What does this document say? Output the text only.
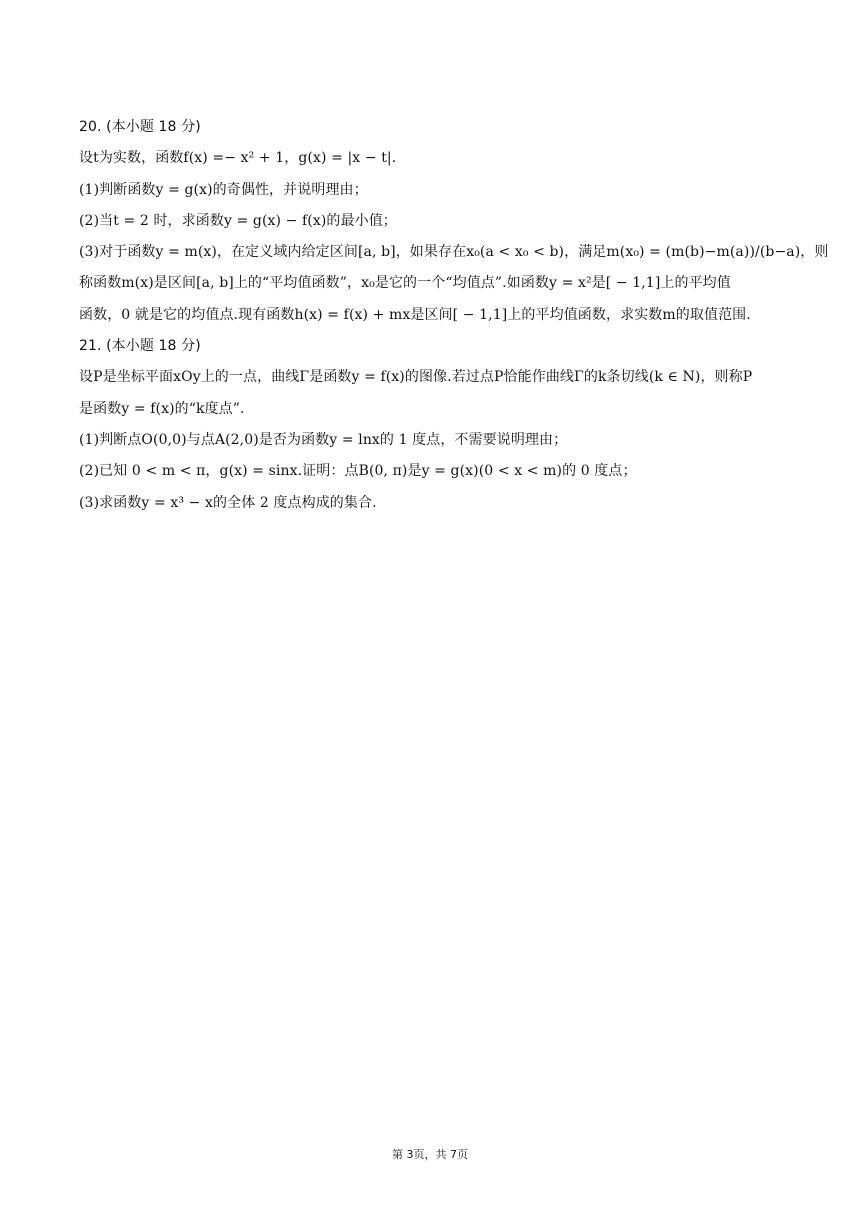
20. (本小题 18 分)
设t为实数，函数f(x) =− x² + 1，g(x) = |x − t|.
(1)判断函数y = g(x)的奇偶性，并说明理由；
(2)当t = 2 时，求函数y = g(x) − f(x)的最小值；
(3)对于函数y = m(x)，在定义域内给定区间[a, b]，如果存在x₀(a < x₀ < b)，满足m(x₀) = (m(b)−m(a))/(b−a)，则
称函数m(x)是区间[a, b]上的“平均值函数”，x₀是它的一个“均值点”.如函数y = x²是[ − 1,1]上的平均值
函数，0 就是它的均值点.现有函数h(x) = f(x) + mx是区间[ − 1,1]上的平均值函数，求实数m的取值范围.
21. (本小题 18 分)
设P是坐标平面xOy上的一点，曲线Γ是函数y = f(x)的图像.若过点P恰能作曲线Γ的k条切线(k ∈ N)，则称P
是函数y = f(x)的“k度点”.
(1)判断点O(0,0)与点A(2,0)是否为函数y = lnx的 1 度点，不需要说明理由；
(2)已知 0 < m < π，g(x) = sinx.证明：点B(0, π)是y = g(x)(0 < x < m)的 0 度点；
(3)求函数y = x³ − x的全体 2 度点构成的集合.
第 3页，共 7页
